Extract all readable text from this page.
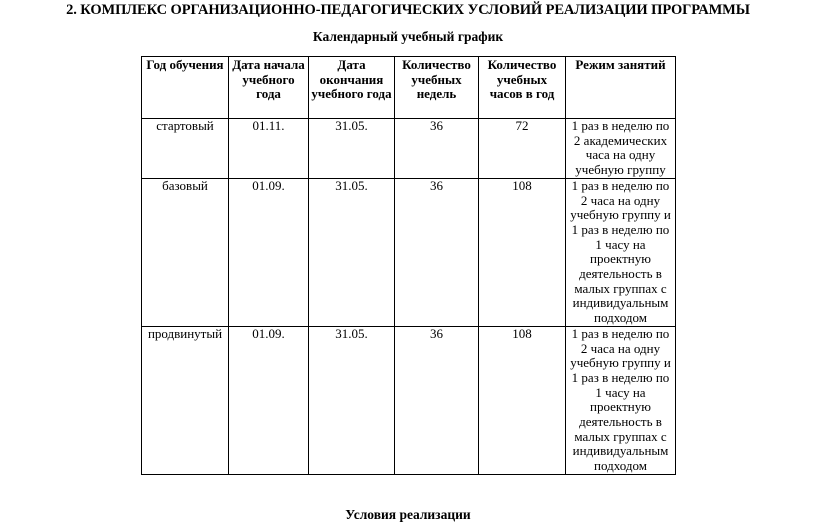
2. КОМПЛЕКС ОРГАНИЗАЦИОННО-ПЕДАГОГИЧЕСКИХ УСЛОВИЙ РЕАЛИЗАЦИИ ПРОГРАММЫ
Календарный учебный график
Год обучения	Дата начала учебного года	Дата окончания учебного года	Количество учебных недель	Количество учебных часов в год	Режим занятий
стартовый	01.11.	31.05.	36	72	1 раз в неделю по 2 академических часа на одну учебную группу
базовый	01.09.	31.05.	36	108	1 раз в неделю по 2 часа на одну учебную группу и 1 раз в неделю по 1 часу на проектную деятельность в малых группах с индивидуальным подходом
продвинутый	01.09.	31.05.	36	108	1 раз в неделю по 2 часа на одну учебную группу и 1 раз в неделю по 1 часу на проектную деятельность в малых группах с индивидуальным подходом
Условия реализации
